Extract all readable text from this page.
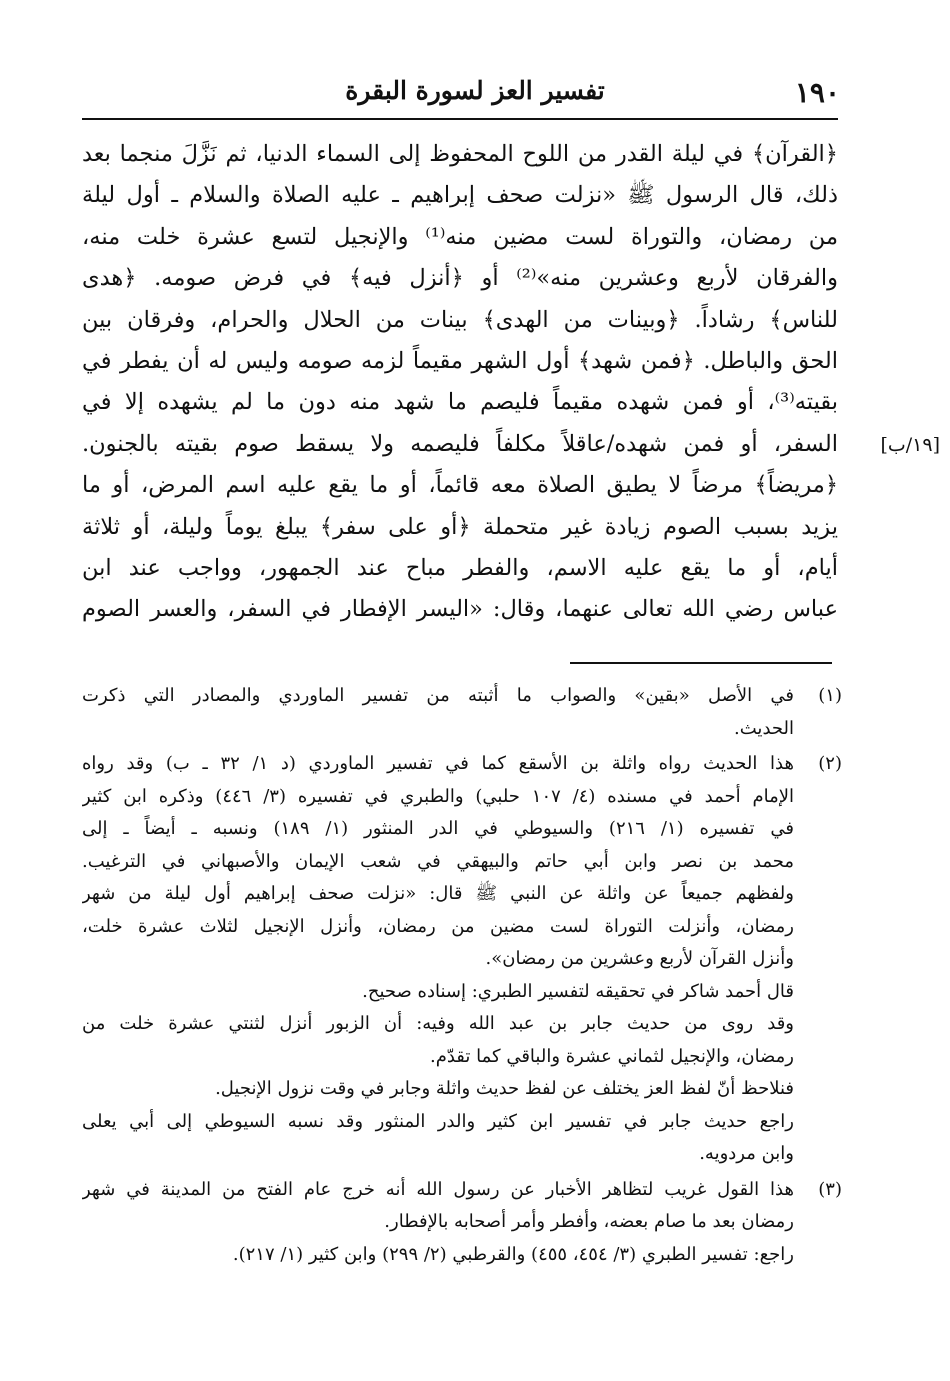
١٩٠
تفسير العز لسورة البقرة
﴿القرآن﴾ في ليلة القدر من اللوح المحفوظ إلى السماء الدنيا، ثم نَزَّلَ منجما بعد
ذلك، قال الرسول ﷺ «نزلت صحف إبراهيم ـ عليه الصلاة والسلام ـ أول ليلة
من رمضان، والتوراة لست مضين منه⁽¹⁾ والإنجيل لتسع عشرة خلت منه،
والفرقان لأربع وعشرين منه»⁽²⁾ أو ﴿أنزل فيه﴾ في فرض صومه. ﴿هدى
للناس﴾ رشاداً. ﴿وبينات من الهدى﴾ بينات من الحلال والحرام، وفرقان بين
الحق والباطل. ﴿فمن شهد﴾ أول الشهر مقيماً لزمه صومه وليس له أن يفطر في
بقيته⁽³⁾، أو فمن شهده مقيماً فليصم ما شهد منه دون ما لم يشهده إلا في
السفر، أو فمن شهده/عاقلاً مكلفاً فليصمه ولا يسقط صوم بقيته بالجنون.
﴿مريضاً﴾ مرضاً لا يطيق الصلاة معه قائماً، أو ما يقع عليه اسم المرض، أو ما
يزيد بسبب الصوم زيادة غير متحملة ﴿أو على سفر﴾ يبلغ يوماً وليلة، أو ثلاثة
أيام، أو ما يقع عليه الاسم، والفطر مباح عند الجمهور، وواجب عند ابن
عباس رضي الله تعالى عنهما، وقال: «اليسر الإفطار في السفر، والعسر الصوم
[١٩/ب]
(١)
في الأصل «بقين» والصواب ما أثبته من تفسير الماوردي والمصادر التي ذكرت
الحديث.
(٢)
هذا الحديث رواه واثلة بن الأسقع كما في تفسير الماوردي (د ١/ ٣٢ ـ ب) وقد رواه
الإمام أحمد في مسنده (٤/ ١٠٧ حلبي) والطبري في تفسيره (٣/ ٤٤٦) وذكره ابن كثير
في تفسيره (١/ ٢١٦) والسيوطي في الدر المنثور (١/ ١٨٩) ونسبه ـ أيضاً ـ إلى
محمد بن نصر وابن أبي حاتم والبيهقي في شعب الإيمان والأصبهاني في الترغيب.
ولفظهم جميعاً عن واثلة عن النبي ﷺ قال: «نزلت صحف إبراهيم أول ليلة من شهر
رمضان، وأنزلت التوراة لست مضين من رمضان، وأنزل الإنجيل لثلاث عشرة خلت،
وأنزل القرآن لأربع وعشرين من رمضان».
قال أحمد شاكر في تحقيقه لتفسير الطبري: إسناده صحيح.
وقد روى من حديث جابر بن عبد الله وفيه: أن الزبور أنزل لثنتي عشرة خلت من
رمضان، والإنجيل لثماني عشرة والباقي كما تقدّم.
فنلاحظ أنّ لفظ العز يختلف عن لفظ حديث واثلة وجابر في وقت نزول الإنجيل.
راجع حديث جابر في تفسير ابن كثير والدر المنثور وقد نسبه السيوطي إلى أبي يعلى
وابن مردويه.
(٣)
هذا القول غريب لتظاهر الأخبار عن رسول الله أنه خرج عام الفتح من المدينة في شهر
رمضان بعد ما صام بعضه، وأفطر وأمر أصحابه بالإفطار.
راجع: تفسير الطبري (٣/ ٤٥٤، ٤٥٥) والقرطبي (٢/ ٢٩٩) وابن كثير (١/ ٢١٧).
